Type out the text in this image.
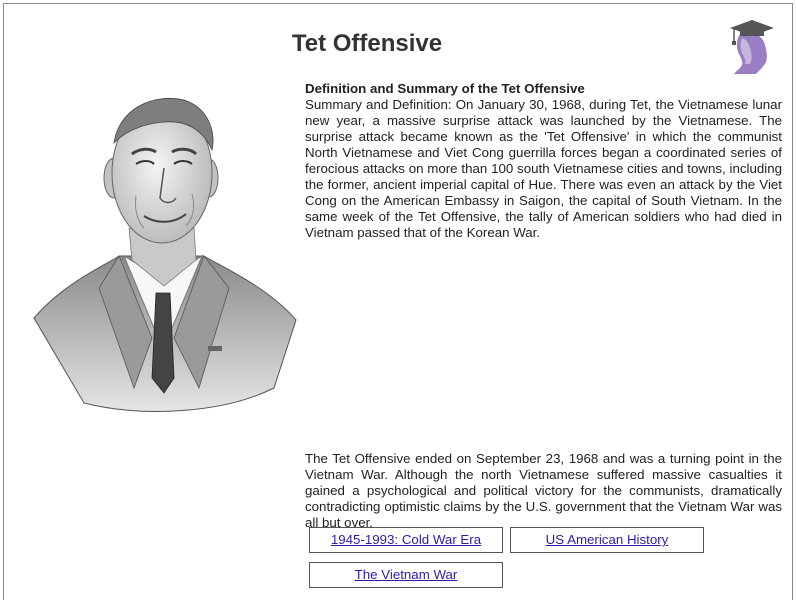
Tet Offensive
Definition and Summary of the Tet Offensive
Summary and Definition: On January 30, 1968, during Tet, the Vietnamese lunar new year, a massive surprise attack was launched by the Vietnamese. The surprise attack became known as the 'Tet Offensive' in which the communist North Vietnamese and Viet Cong guerrilla forces began a coordinated series of ferocious attacks on more than 100 south Vietnamese cities and towns, including the former, ancient imperial capital of Hue. There was even an attack by the Viet Cong on the American Embassy in Saigon, the capital of South Vietnam. In the same week of the Tet Offensive, the tally of American soldiers who had died in Vietnam passed that of the Korean War.
The Tet Offensive ended on September 23, 1968 and was a turning point in the Vietnam War. Although the north Vietnamese suffered massive casualties it gained a psychological and political victory for the communists, dramatically contradicting optimistic claims by the U.S. government that the Vietnam War was all but over.
1945-1993: Cold War Era	US American History
The Vietnam War
